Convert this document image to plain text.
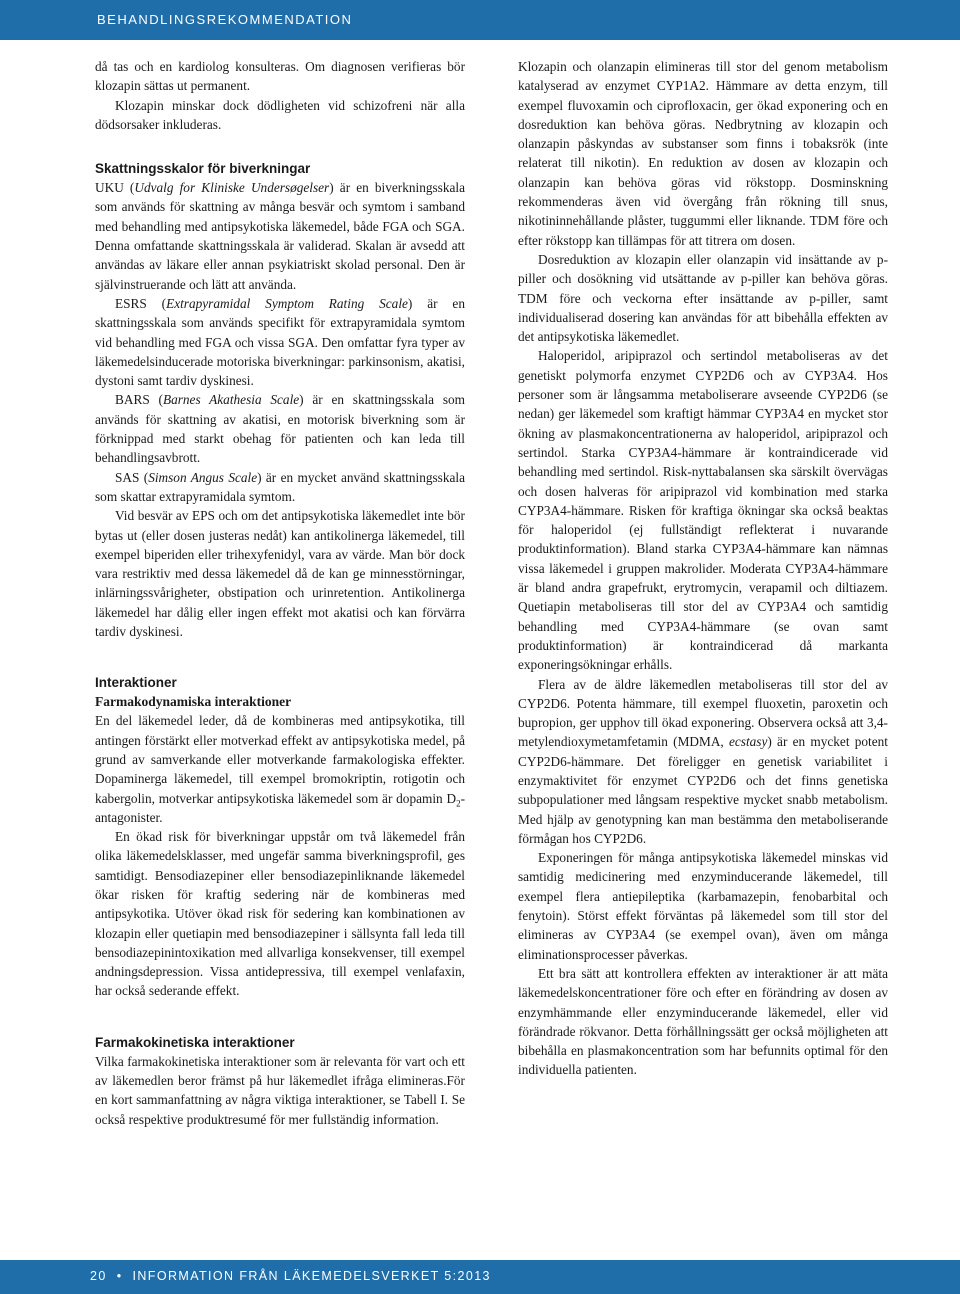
BEHANDLINGSREKOMMENDATION

då tas och en kardiolog konsulteras. Om diagnosen verifieras bör klozapin sättas ut permanent.

Klozapin minskar dock dödligheten vid schizofreni när alla dödsorsaker inkluderas.

Skattningsskalor för biverkningar

UKU (Udvalg for Kliniske Undersøgelser) är en biverkningsskala som används för skattning av många besvär och symtom i samband med behandling med antipsykotiska läkemedel, både FGA och SGA. Denna omfattande skattningsskala är validerad. Skalan är avsedd att användas av läkare eller annan psykiatriskt skolad personal. Den är självinstruerande och lätt att använda.

ESRS (Extrapyramidal Symptom Rating Scale) är en skattningsskala som används specifikt för extrapyramidala symtom vid behandling med FGA och vissa SGA. Den omfattar fyra typer av läkemedelsinducerade motoriska biverkningar: parkinsonism, akatisi, dystoni samt tardiv dyskinesi.

BARS (Barnes Akathesia Scale) är en skattningsskala som används för skattning av akatisi, en motorisk biverkning som är förknippad med starkt obehag för patienten och kan leda till behandlingsavbrott.

SAS (Simson Angus Scale) är en mycket använd skattningsskala som skattar extrapyramidala symtom.

Vid besvär av EPS och om det antipsykotiska läkemedlet inte bör bytas ut (eller dosen justeras nedåt) kan antikolinerga läkemedel, till exempel biperiden eller trihexyfenidyl, vara av värde. Man bör dock vara restriktiv med dessa läkemedel då de kan ge minnesstörningar, inlärningssvårigheter, obstipation och urinretention. Antikolinerga läkemedel har dålig eller ingen effekt mot akatisi och kan förvärra tardiv dyskinesi.

Interaktioner

Farmakodynamiska interaktioner

En del läkemedel leder, då de kombineras med antipsykotika, till antingen förstärkt eller motverkad effekt av antipsykotiska medel, på grund av samverkande eller motverkande farmakologiska effekter. Dopaminerga läkemedel, till exempel bromokriptin, rotigotin och kabergolin, motverkar antipsykotiska läkemedel som är dopamin $D_2$-antagonister.

En ökad risk för biverkningar uppstår om två läkemedel från olika läkemedelsklasser, med ungefär samma biverkningsprofil, ges samtidigt. Bensodiazepiner eller bensodiazepinliknande läkemedel ökar risken för kraftig sedering när de kombineras med antipsykotika. Utöver ökad risk för sedering kan kombinationen av klozapin eller quetiapin med bensodiazepiner i sällsynta fall leda till bensodiazepinintoxikation med allvarliga konsekvenser, till exempel andningsdepression. Vissa antidepressiva, till exempel venlafaxin, har också sederande effekt.

Farmakokinetiska interaktioner

Vilka farmakokinetiska interaktioner som är relevanta för vart och ett av läkemedlen beror främst på hur läkemedlet ifråga elimineras.För en kort sammanfattning av några viktiga interaktioner, se Tabell I. Se också respektive produktresumé för mer fullständig information.

Klozapin och olanzapin elimineras till stor del genom metabolism katalyserad av enzymet CYP1A2. Hämmare av detta enzym, till exempel fluvoxamin och ciprofloxacin, ger ökad exponering och en dosreduktion kan behöva göras. Nedbrytning av klozapin och olanzapin påskyndas av substanser som finns i tobaksrök (inte relaterat till nikotin). En reduktion av dosen av klozapin och olanzapin kan behöva göras vid rökstopp. Dosminskning rekommenderas även vid övergång från rökning till snus, nikotininnehållande plåster, tuggummi eller liknande. TDM före och efter rökstopp kan tillämpas för att titrera om dosen.

Dosreduktion av klozapin eller olanzapin vid insättande av p-piller och dosökning vid utsättande av p-piller kan behöva göras. TDM före och veckorna efter insättande av p-piller, samt individualiserad dosering kan användas för att bibehålla effekten av det antipsykotiska läkemedlet.

Haloperidol, aripiprazol och sertindol metaboliseras av det genetiskt polymorfa enzymet CYP2D6 och av CYP3A4. Hos personer som är långsamma metaboliserare avseende CYP2D6 (se nedan) ger läkemedel som kraftigt hämmar CYP3A4 en mycket stor ökning av plasmakoncentrationerna av haloperidol, aripiprazol och sertindol. Starka CYP3A4-hämmare är kontraindicerade vid behandling med sertindol. Risk-nyttabalansen ska särskilt övervägas och dosen halveras för aripiprazol vid kombination med starka CYP3A4-hämmare. Risken för kraftiga ökningar ska också beaktas för haloperidol (ej fullständigt reflekterat i nuvarande produktinformation). Bland starka CYP3A4-hämmare kan nämnas vissa läkemedel i gruppen makrolider. Moderata CYP3A4-hämmare är bland andra grapefrukt, erytromycin, verapamil och diltiazem. Quetiapin metaboliseras till stor del av CYP3A4 och samtidig behandling med CYP3A4-hämmare (se ovan samt produktinformation) är kontraindicerad då markanta exponeringsökningar erhålls.

Flera av de äldre läkemedlen metaboliseras till stor del av CYP2D6. Potenta hämmare, till exempel fluoxetin, paroxetin och bupropion, ger upphov till ökad exponering. Observera också att 3,4-metylendioxymetamfetamin (MDMA, ecstasy) är en mycket potent CYP2D6-hämmare. Det föreligger en genetisk variabilitet i enzymaktivitet för enzymet CYP2D6 och det finns genetiska subpopulationer med långsam respektive mycket snabb metabolism. Med hjälp av genotypning kan man bestämma den metaboliserande förmågan hos CYP2D6.

Exponeringen för många antipsykotiska läkemedel minskas vid samtidig medicinering med enzyminducerande läkemedel, till exempel flera antiepileptika (karbamazepin, fenobarbital och fenytoin). Störst effekt förväntas på läkemedel som till stor del elimineras av CYP3A4 (se exempel ovan), även om många eliminationsprocesser påverkas.

Ett bra sätt att kontrollera effekten av interaktioner är att mäta läkemedelskoncentrationer före och efter en förändring av dosen av enzymhämmande eller enzyminducerande läkemedel, eller vid förändrade rökvanor. Detta förhållningssätt ger också möjligheten att bibehålla en plasmakoncentration som har befunnits optimal för den individuella patienten.

20 • INFORMATION FRÅN LÄKEMEDELSVERKET 5:2013
